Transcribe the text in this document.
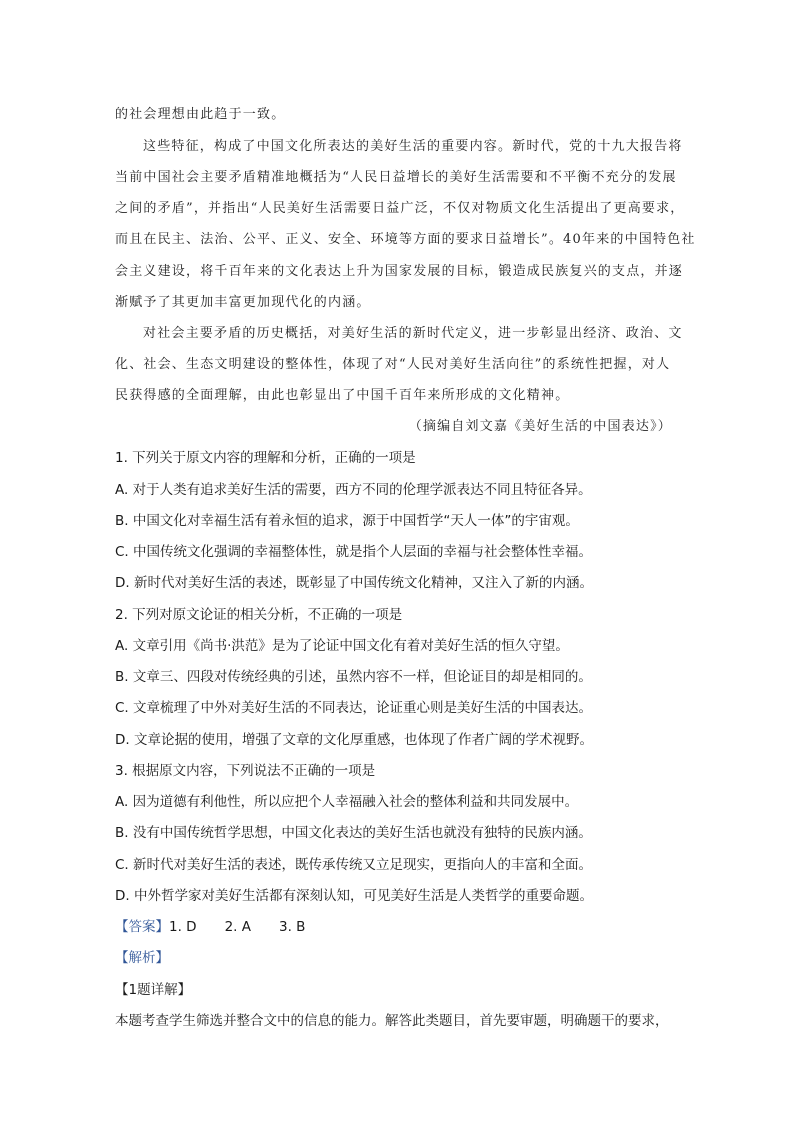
的社会理想由此趋于一致。
这些特征，构成了中国文化所表达的美好生活的重要内容。新时代，党的十九大报告将
当前中国社会主要矛盾精准地概括为“人民日益增长的美好生活需要和不平衡不充分的发展
之间的矛盾”，并指出“人民美好生活需要日益广泛，不仅对物质文化生活提出了更高要求，
而且在民主、法治、公平、正义、安全、环境等方面的要求日益增长”。40年来的中国特色社
会主义建设，将千百年来的文化表达上升为国家发展的目标，锻造成民族复兴的支点，并逐
渐赋予了其更加丰富更加现代化的内涵。
对社会主要矛盾的历史概括，对美好生活的新时代定义，进一步彰显出经济、政治、文
化、社会、生态文明建设的整体性，体现了对“人民对美好生活向往”的系统性把握，对人
民获得感的全面理解，由此也彰显出了中国千百年来所形成的文化精神。
（摘编自刘文嘉《美好生活的中国表达》）
1. 下列关于原文内容的理解和分析，正确的一项是
A. 对于人类有追求美好生活的需要，西方不同的伦理学派表达不同且特征各异。
B. 中国文化对幸福生活有着永恒的追求，源于中国哲学“天人一体”的宇宙观。
C. 中国传统文化强调的幸福整体性，就是指个人层面的幸福与社会整体性幸福。
D. 新时代对美好生活的表述，既彰显了中国传统文化精神，又注入了新的内涵。
2. 下列对原文论证的相关分析，不正确的一项是
A. 文章引用《尚书·洪范》是为了论证中国文化有着对美好生活的恒久守望。
B. 文章三、四段对传统经典的引述，虽然内容不一样，但论证目的却是相同的。
C. 文章梳理了中外对美好生活的不同表达，论证重心则是美好生活的中国表达。
D. 文章论据的使用，增强了文章的文化厚重感，也体现了作者广阔的学术视野。
3. 根据原文内容，下列说法不正确的一项是
A. 因为道德有利他性，所以应把个人幸福融入社会的整体利益和共同发展中。
B. 没有中国传统哲学思想，中国文化表达的美好生活也就没有独特的民族内涵。
C. 新时代对美好生活的表述，既传承传统又立足现实，更指向人的丰富和全面。
D. 中外哲学家对美好生活都有深刻认知，可见美好生活是人类哲学的重要命题。
【答案】1. D 2. A 3. B
【解析】
【1题详解】
本题考查学生筛选并整合文中的信息的能力。解答此类题目，首先要审题，明确题干的要求，
